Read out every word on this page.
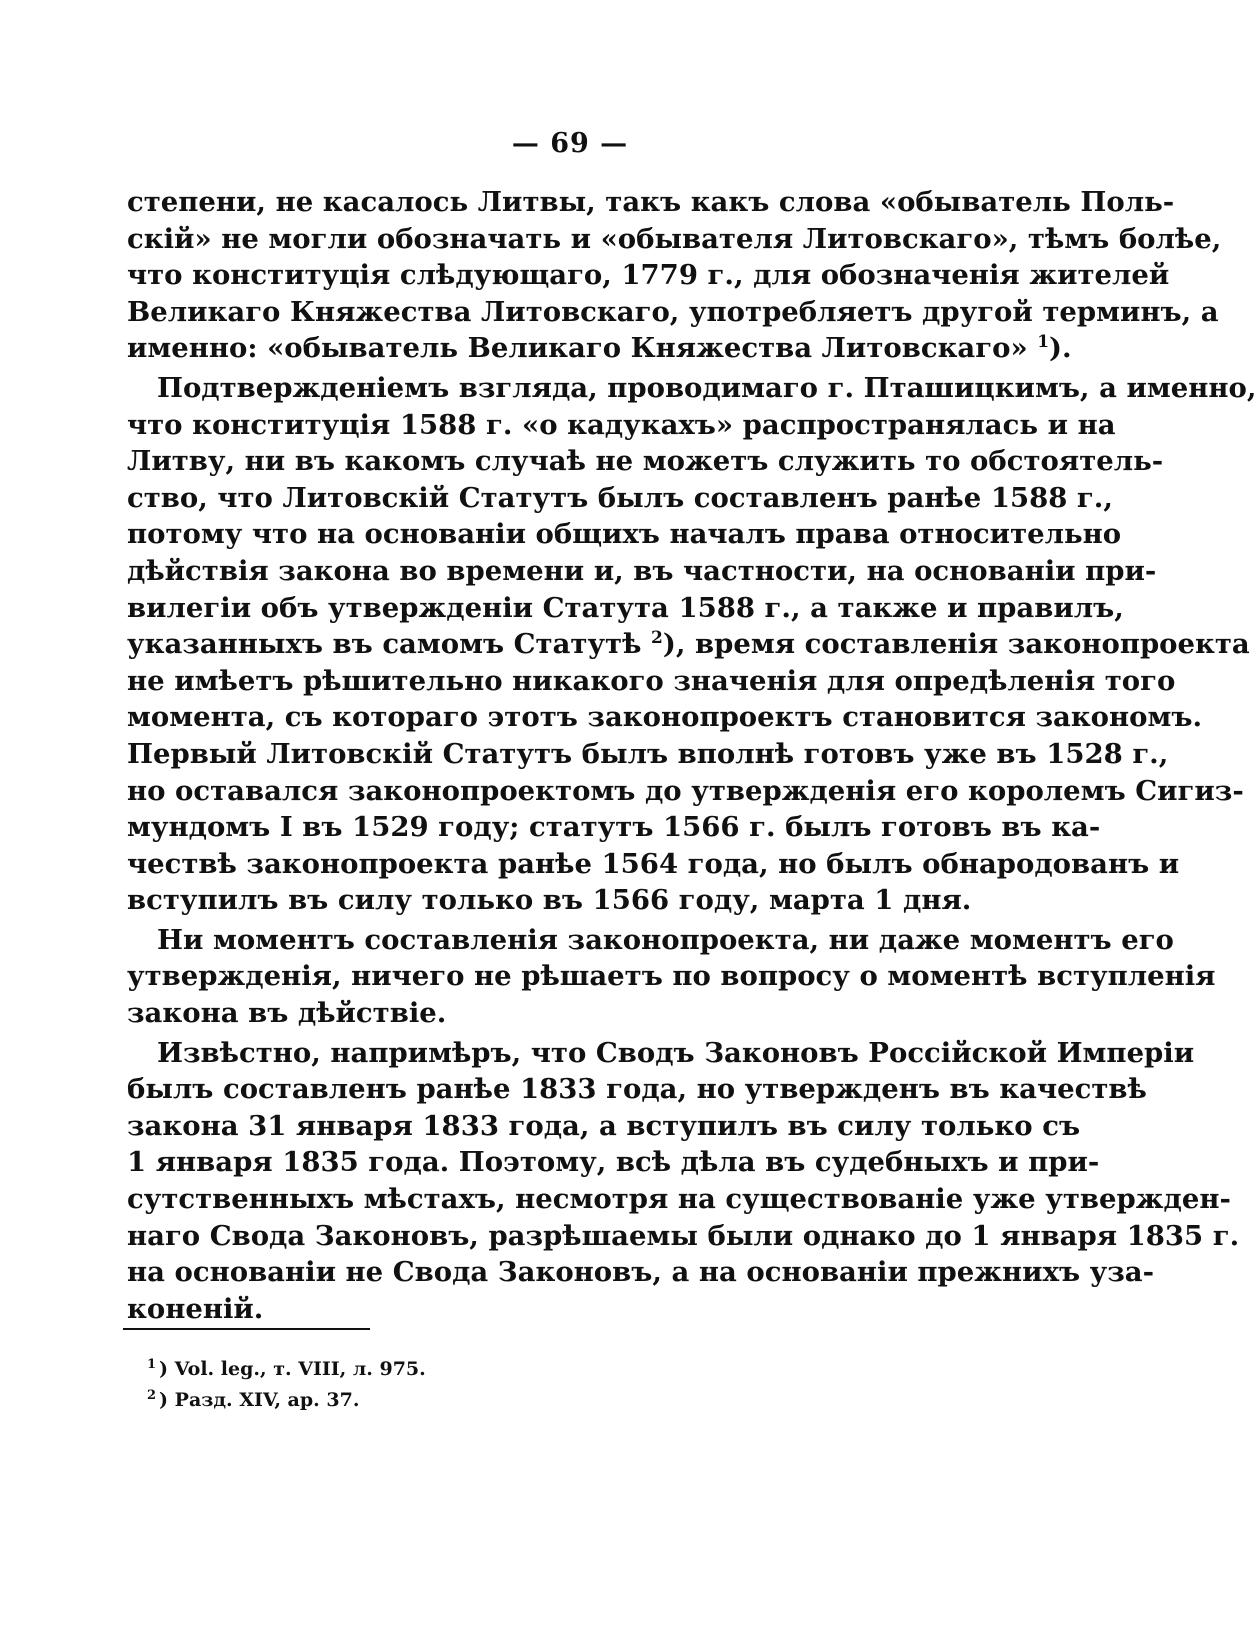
— 69 —
степени, не касалось Литвы, такъ какъ слова «обыватель Поль-
скій» не могли обозначать и «обывателя Литовскаго», тѣмъ болѣе,
что конституція слѣдующаго, 1779 г., для обозначенія жителей
Великаго Княжества Литовскаго, употребляетъ другой терминъ, а
именно: «обыватель Великаго Княжества Литовскаго» $^1$).
Подтвержденіемъ взгляда, проводимаго г. Пташицкимъ, а именно,
что конституція 1588 г. «о кадукахъ» распространялась и на
Литву, ни въ какомъ случаѣ не можетъ служить то обстоятель-
ство, что Литовскій Статутъ былъ составленъ ранѣе 1588 г.,
потому что на основаніи общихъ началъ права относительно
дѣйствія закона во времени и, въ частности, на основаніи при-
вилегіи объ утвержденіи Статута 1588 г., а также и правилъ,
указанныхъ въ самомъ Статутѣ $^2$), время составленія законопроекта
не имѣетъ рѣшительно никакого значенія для опредѣленія того
момента, съ котораго этотъ законопроектъ становится закономъ.
Первый Литовскій Статутъ былъ вполнѣ готовъ уже въ 1528 г.,
но оставался законопроектомъ до утвержденія его королемъ Сигиз-
мундомъ I въ 1529 году; статутъ 1566 г. былъ готовъ въ ка-
чествѣ законопроекта ранѣе 1564 года, но былъ обнародованъ и
вступилъ въ силу только въ 1566 году, марта 1 дня.
Ни моментъ составленія законопроекта, ни даже моментъ его
утвержденія, ничего не рѣшаетъ по вопросу о моментѣ вступленія
закона въ дѣйствіе.
Извѣстно, напримѣръ, что Сводъ Законовъ Россійской Имперіи
былъ составленъ ранѣе 1833 года, но утвержденъ въ качествѣ
закона 31 января 1833 года, а вступилъ въ силу только съ
1 января 1835 года. Поэтому, всѣ дѣла въ судебныхъ и при-
сутственныхъ мѣстахъ, несмотря на существованіе уже утвержден-
наго Свода Законовъ, разрѣшаемы были однако до 1 января 1835 г.
на основаніи не Свода Законовъ, а на основаніи прежнихъ уза-
коненій.
$^1$ ) Vol. leg., т. VIII, л. 975.
$^2$ ) Разд. XIV, ар. 37.
